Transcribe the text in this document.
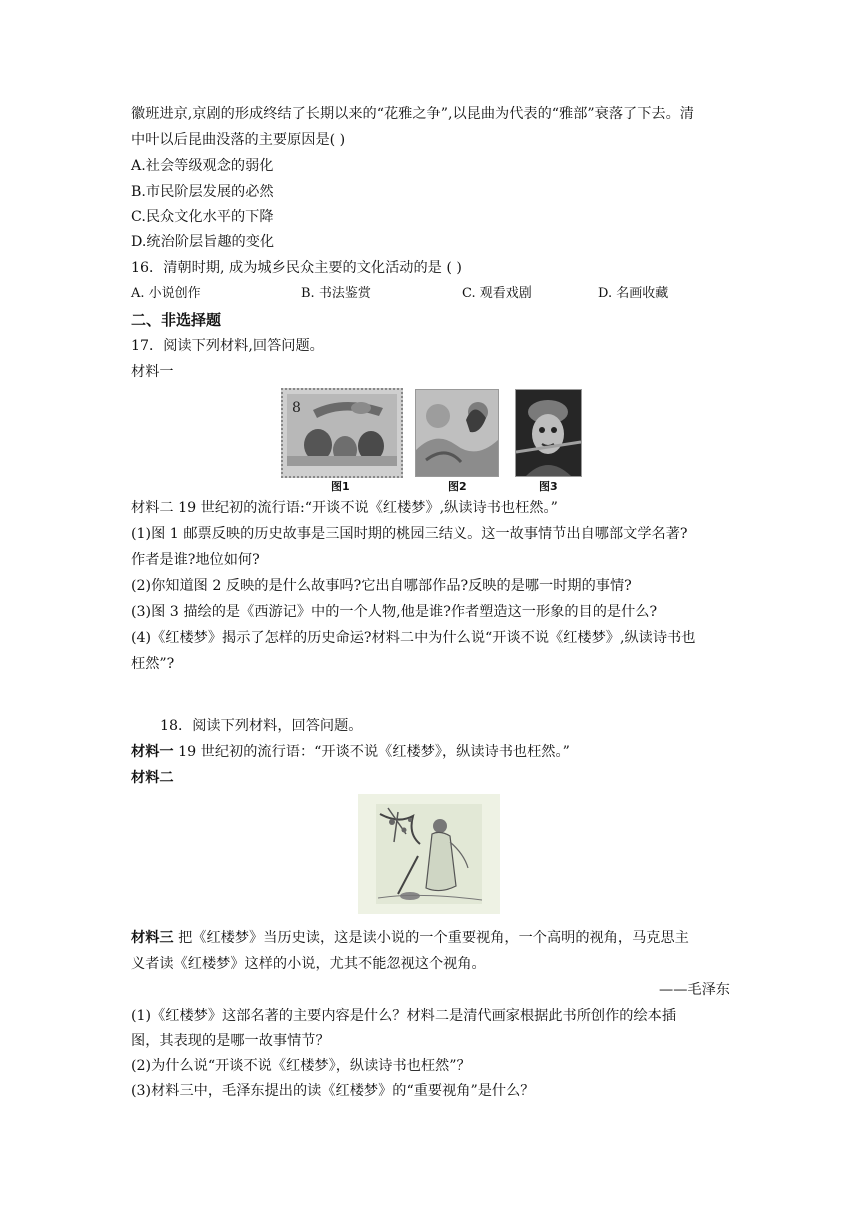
徽班进京,京剧的形成终结了长期以来的“花雅之争”,以昆曲为代表的“雅部”衰落了下去。清
中叶以后昆曲没落的主要原因是( )
A.社会等级观念的弱化
B.市民阶层发展的必然
C.民众文化水平的下降
D.统治阶层旨趣的变化
16．清朝时期, 成为城乡民众主要的文化活动的是 ( )
A. 小说创作	B. 书法鉴赏	C. 观看戏剧	D. 名画收藏
二、非选择题
17．阅读下列材料,回答问题。
材料一
8
图1	图2	图3
材料二 19 世纪初的流行语:“开谈不说《红楼梦》,纵读诗书也枉然。”
(1)图 1 邮票反映的历史故事是三国时期的桃园三结义。这一故事情节出自哪部文学名著?
作者是谁?地位如何?
(2)你知道图 2 反映的是什么故事吗?它出自哪部作品?反映的是哪一时期的事情?
(3)图 3 描绘的是《西游记》中的一个人物,他是谁?作者塑造这一形象的目的是什么?
(4)《红楼梦》揭示了怎样的历史命运?材料二中为什么说“开谈不说《红楼梦》,纵读诗书也
枉然”?
18．阅读下列材料，回答问题。
材料一 19 世纪初的流行语：“开谈不说《红楼梦》，纵读诗书也枉然。”
材料二
材料三 把《红楼梦》当历史读，这是读小说的一个重要视角，一个高明的视角，马克思主
义者读《红楼梦》这样的小说，尤其不能忽视这个视角。
——毛泽东
(1)《红楼梦》这部名著的主要内容是什么？材料二是清代画家根据此书所创作的绘本插
图，其表现的是哪一故事情节？
(2)为什么说“开谈不说《红楼梦》，纵读诗书也枉然”？
(3)材料三中，毛泽东提出的读《红楼梦》的“重要视角”是什么？
